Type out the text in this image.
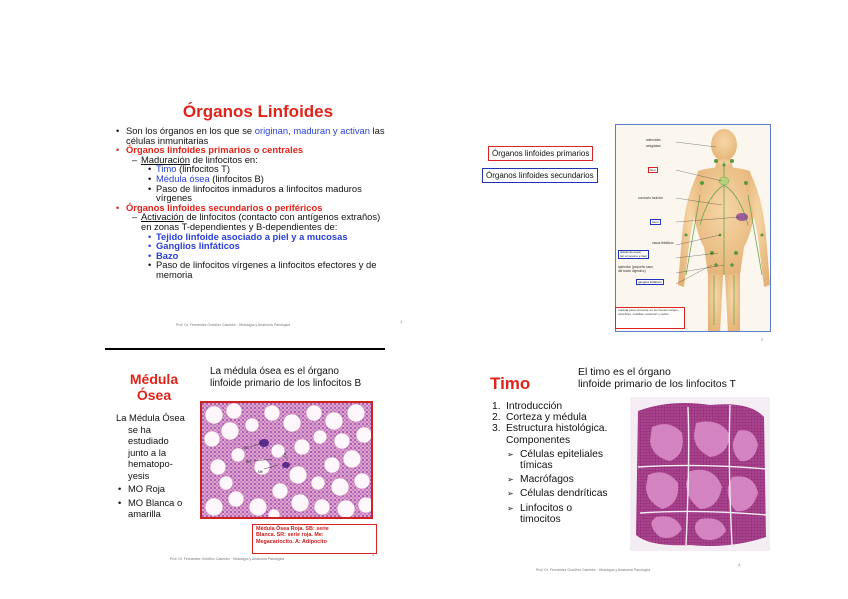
Órganos Linfoides
• Son los órganos en los que se originan, maduran y activan las
células inmunitarias
• Órganos linfoides primarios o centrales
– Maduración de linfocitos en:
• Timo (linfocitos T)
• Médula ósea (linfocitos B)
• Paso de linfocitos inmaduros a linfocitos maduros
vírgenes
• Órganos linfoides secundarios o periféricos
– Activación de linfocitos (contacto con antígenos extraños)
en zonas T-dependientes y B-dependientes de:
• Tejido linfoide asociado a piel y a mucosas
• Ganglios linfáticos
• Bazo
• Paso de linfocitos vírgenes a linfocitos efectores y de
memoria
Prof. Dr. Fernández Ordóñez Casimiro · Histología y Anatomía Patológica
1
Órganos linfoides primarios
Órganos linfoides secundarios
adenoides
amígdalas
timo
conducto torácico
bazo
vasos linfáticos
placas de peyer
(en el yeyuno e íleo)
apéndice (pequeño saco
del tracto digestivo)
ganglios linfáticos
médula ósea presente en los huesos largos, vértebras, costillas, esternón y pelvis
2
Médula
Ósea
La médula ósea es el órgano
linfoide primario de los linfocitos B
La Médula Ósea
se ha
estudiado
junto a la
hematopo-
yesis
• MO Roja
• MO Blanca o
amarilla
SB
SR
Me
A
Médula Ósea Roja. SB: serie
Blanca. SR: serie roja. Me:
Megacariocito. A: Adipocito
Prof. Dr. Fernández Ordóñez Casimiro · Histología y Anatomía Patológica
3
Timo
El timo es el órgano
linfoide primario de los linfocitos T
1. Introducción
2. Corteza y médula
3. Estructura histológica.
Componentes
➢ Células epiteliales
tímicas
➢ Macrófagos
➢ Células dendríticas
➢ Linfocitos o
timocitos
Prof. Dr. Fernández Ordóñez Casimiro · Histología y Anatomía Patológica
4
